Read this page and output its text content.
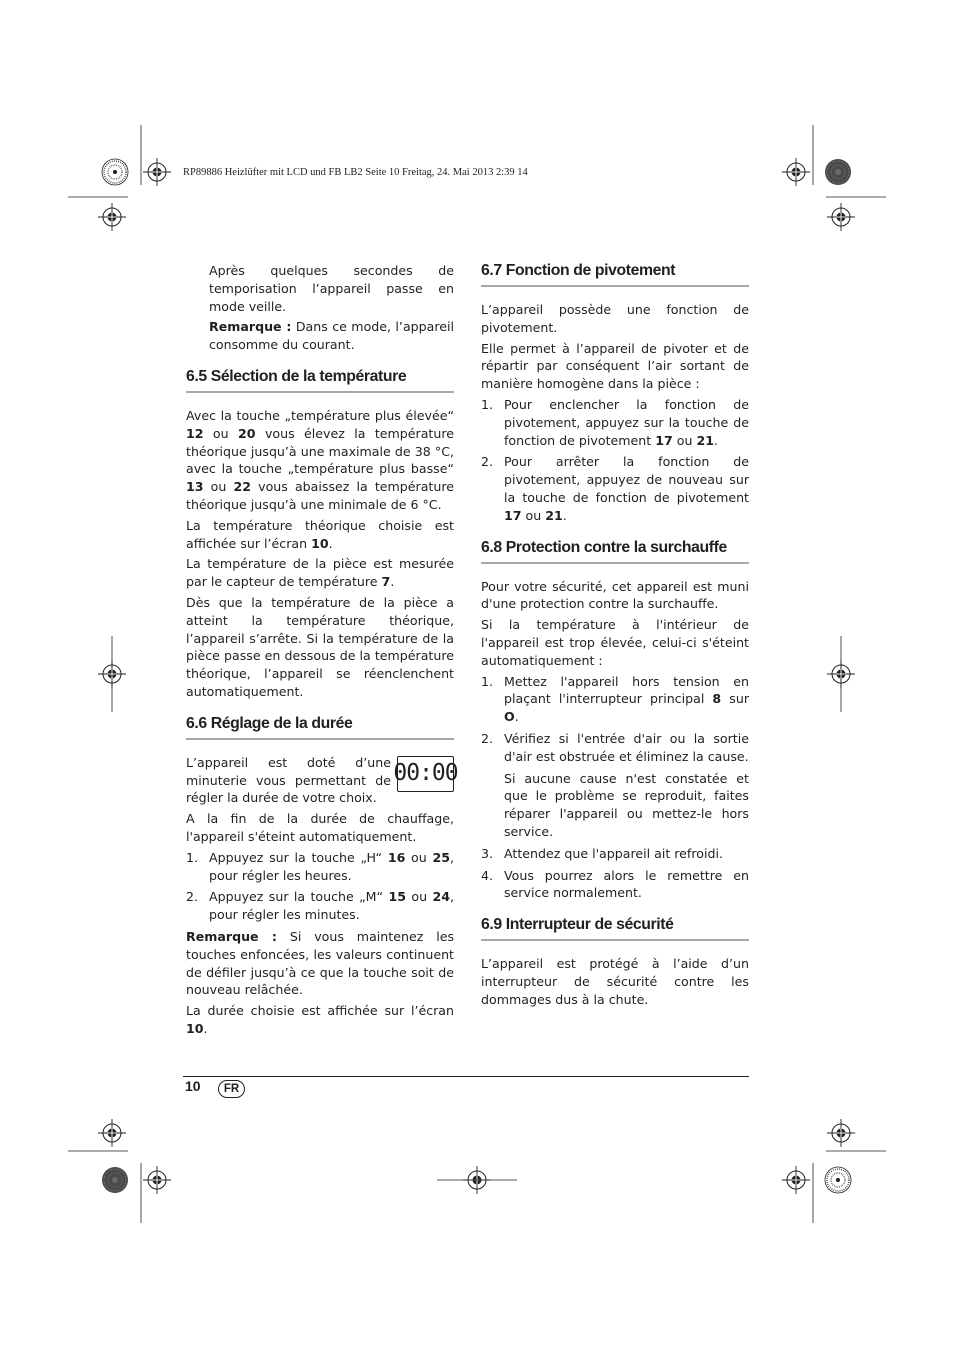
RP89886 Heizlüfter mit LCD und FB LB2 Seite 10 Freitag, 24. Mai 2013 2:39 14

Après quelques secondes de temporisation l’appareil passe en mode veille.

Remarque : Dans ce mode, l’appareil consomme du courant.

6.5 Sélection de la température

Avec la touche „température plus élevée“ 12 ou 20 vous élevez la température théorique jusqu’à une maximale de 38 °C, avec la touche „température plus basse“ 13 ou 22 vous abaissez la température théorique jusqu’à une minimale de 6 °C.

La température théorique choisie est affichée sur l’écran 10.

La température de la pièce est mesurée par le capteur de température 7.

Dès que la température de la pièce a atteint la température théorique, l’appareil s’arrête. Si la température de la pièce passe en dessous de la température théorique, l’appareil se réenclenchent automatiquement.

6.6 Réglage de la durée

L’appareil est doté d’une minuterie vous permettant de régler la durée de votre choix.

00:00

A la fin de la durée de chauffage, l'appareil s'éteint automatiquement.

1. Appuyez sur la touche „H“ 16 ou 25, pour régler les heures.
2. Appuyez sur la touche „M“ 15 ou 24, pour régler les minutes.

Remarque : Si vous maintenez les touches enfoncées, les valeurs continuent de défiler jusqu’à ce que la touche soit de nouveau relâchée.

La durée choisie est affichée sur l’écran 10.

6.7 Fonction de pivotement

L’appareil possède une fonction de pivotement.

Elle permet à l’appareil de pivoter et de répartir par conséquent l’air sortant de manière homogène dans la pièce :

1. Pour enclencher la fonction de pivotement, appuyez sur la touche de fonction de pivotement 17 ou 21.
2. Pour arrêter la fonction de pivotement, appuyez de nouveau sur la touche de fonction de pivotement 17 ou 21.
6.8 Protection contre la surchauffe

Pour votre sécurité, cet appareil est muni d'une protection contre la surchauffe.

Si la température à l'intérieur de l'appareil est trop élevée, celui-ci s'éteint automatiquement :

1. Mettez l'appareil hors tension en plaçant l'interrupteur principal 8 sur O.
2. Vérifiez si l'entrée d'air ou la sortie d'air est obstruée et éliminez la cause.
Si aucune cause n'est constatée et que le problème se reproduit, faites réparer l'appareil ou mettez-le hors service.
3. Attendez que l'appareil ait refroidi.
4. Vous pourrez alors le remettre en service normalement.
6.9 Interrupteur de sécurité

L’appareil est protégé à l’aide d’un interrupteur de sécurité contre les dommages dus à la chute.

10	FR
